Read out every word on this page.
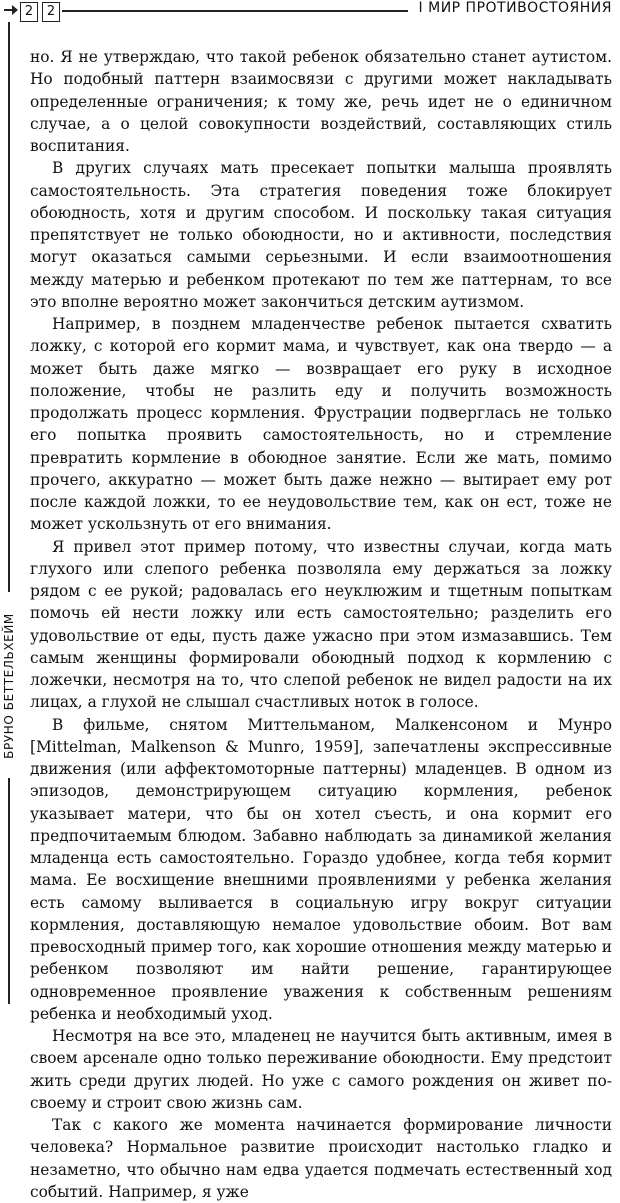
2	2	I МИР ПРОТИВОСТОЯНИЯ
БРУНО БЕТТЕЛЬХЕЙМ

но. Я не утверждаю, что такой ребенок обязательно станет аутистом. Но подобный паттерн взаимосвязи с другими может накладывать определенные ограничения; к тому же, речь идет не о единичном случае, а о целой совокупности воздействий, составляющих стиль воспитания.

В других случаях мать пресекает попытки малыша проявлять самостоятельность. Эта стратегия поведения тоже блокирует обоюдность, хотя и другим способом. И поскольку такая ситуация препятствует не только обоюдности, но и активности, последствия могут оказаться самыми серьезными. И если взаимоотношения между матерью и ребенком протекают по тем же паттернам, то все это вполне вероятно может закончиться детским аутизмом.

Например, в позднем младенчестве ребенок пытается схватить ложку, с которой его кормит мама, и чувствует, как она твердо — а может быть даже мягко — возвращает его руку в исходное положение, чтобы не разлить еду и получить возможность продолжать процесс кормления. Фрустрации подверглась не только его попытка проявить самостоятельность, но и стремление превратить кормление в обоюдное занятие. Если же мать, помимо прочего, аккуратно — может быть даже нежно — вытирает ему рот после каждой ложки, то ее неудовольствие тем, как он ест, тоже не может ускользнуть от его внимания.

Я привел этот пример потому, что известны случаи, когда мать глухого или слепого ребенка позволяла ему держаться за ложку рядом с ее рукой; радовалась его неуклюжим и тщетным попыткам помочь ей нести ложку или есть самостоятельно; разделить его удовольствие от еды, пусть даже ужасно при этом измазавшись. Тем самым женщины формировали обоюдный подход к кормлению с ложечки, несмотря на то, что слепой ребенок не видел радости на их лицах, а глухой не слышал счастливых ноток в голосе.

В фильме, снятом Миттельманом, Малкенсоном и Мунро [Mittelman, Malkenson & Munro, 1959], запечатлены экспрессивные движения (или аффектомоторные паттерны) младенцев. В одном из эпизодов, демонстрирующем ситуацию кормления, ребенок указывает матери, что бы он хотел съесть, и она кормит его предпочитаемым блюдом. Забавно наблюдать за динамикой желания младенца есть самостоятельно. Гораздо удобнее, когда тебя кормит мама. Ее восхищение внешними проявлениями у ребенка желания есть самому выливается в социальную игру вокруг ситуации кормления, доставляющую немалое удовольствие обоим. Вот вам превосходный пример того, как хорошие отношения между матерью и ребенком позволяют им найти решение, гарантирующее одновременное проявление уважения к собственным решениям ребенка и необходимый уход.

Несмотря на все это, младенец не научится быть активным, имея в своем арсенале одно только переживание обоюдности. Ему предстоит жить среди других людей. Но уже с самого рождения он живет по-своему и строит свою жизнь сам.

Так с какого же момента начинается формирование личности человека? Нормальное развитие происходит настолько гладко и незаметно, что обычно нам едва удается подмечать естественный ход событий. Например, я уже
